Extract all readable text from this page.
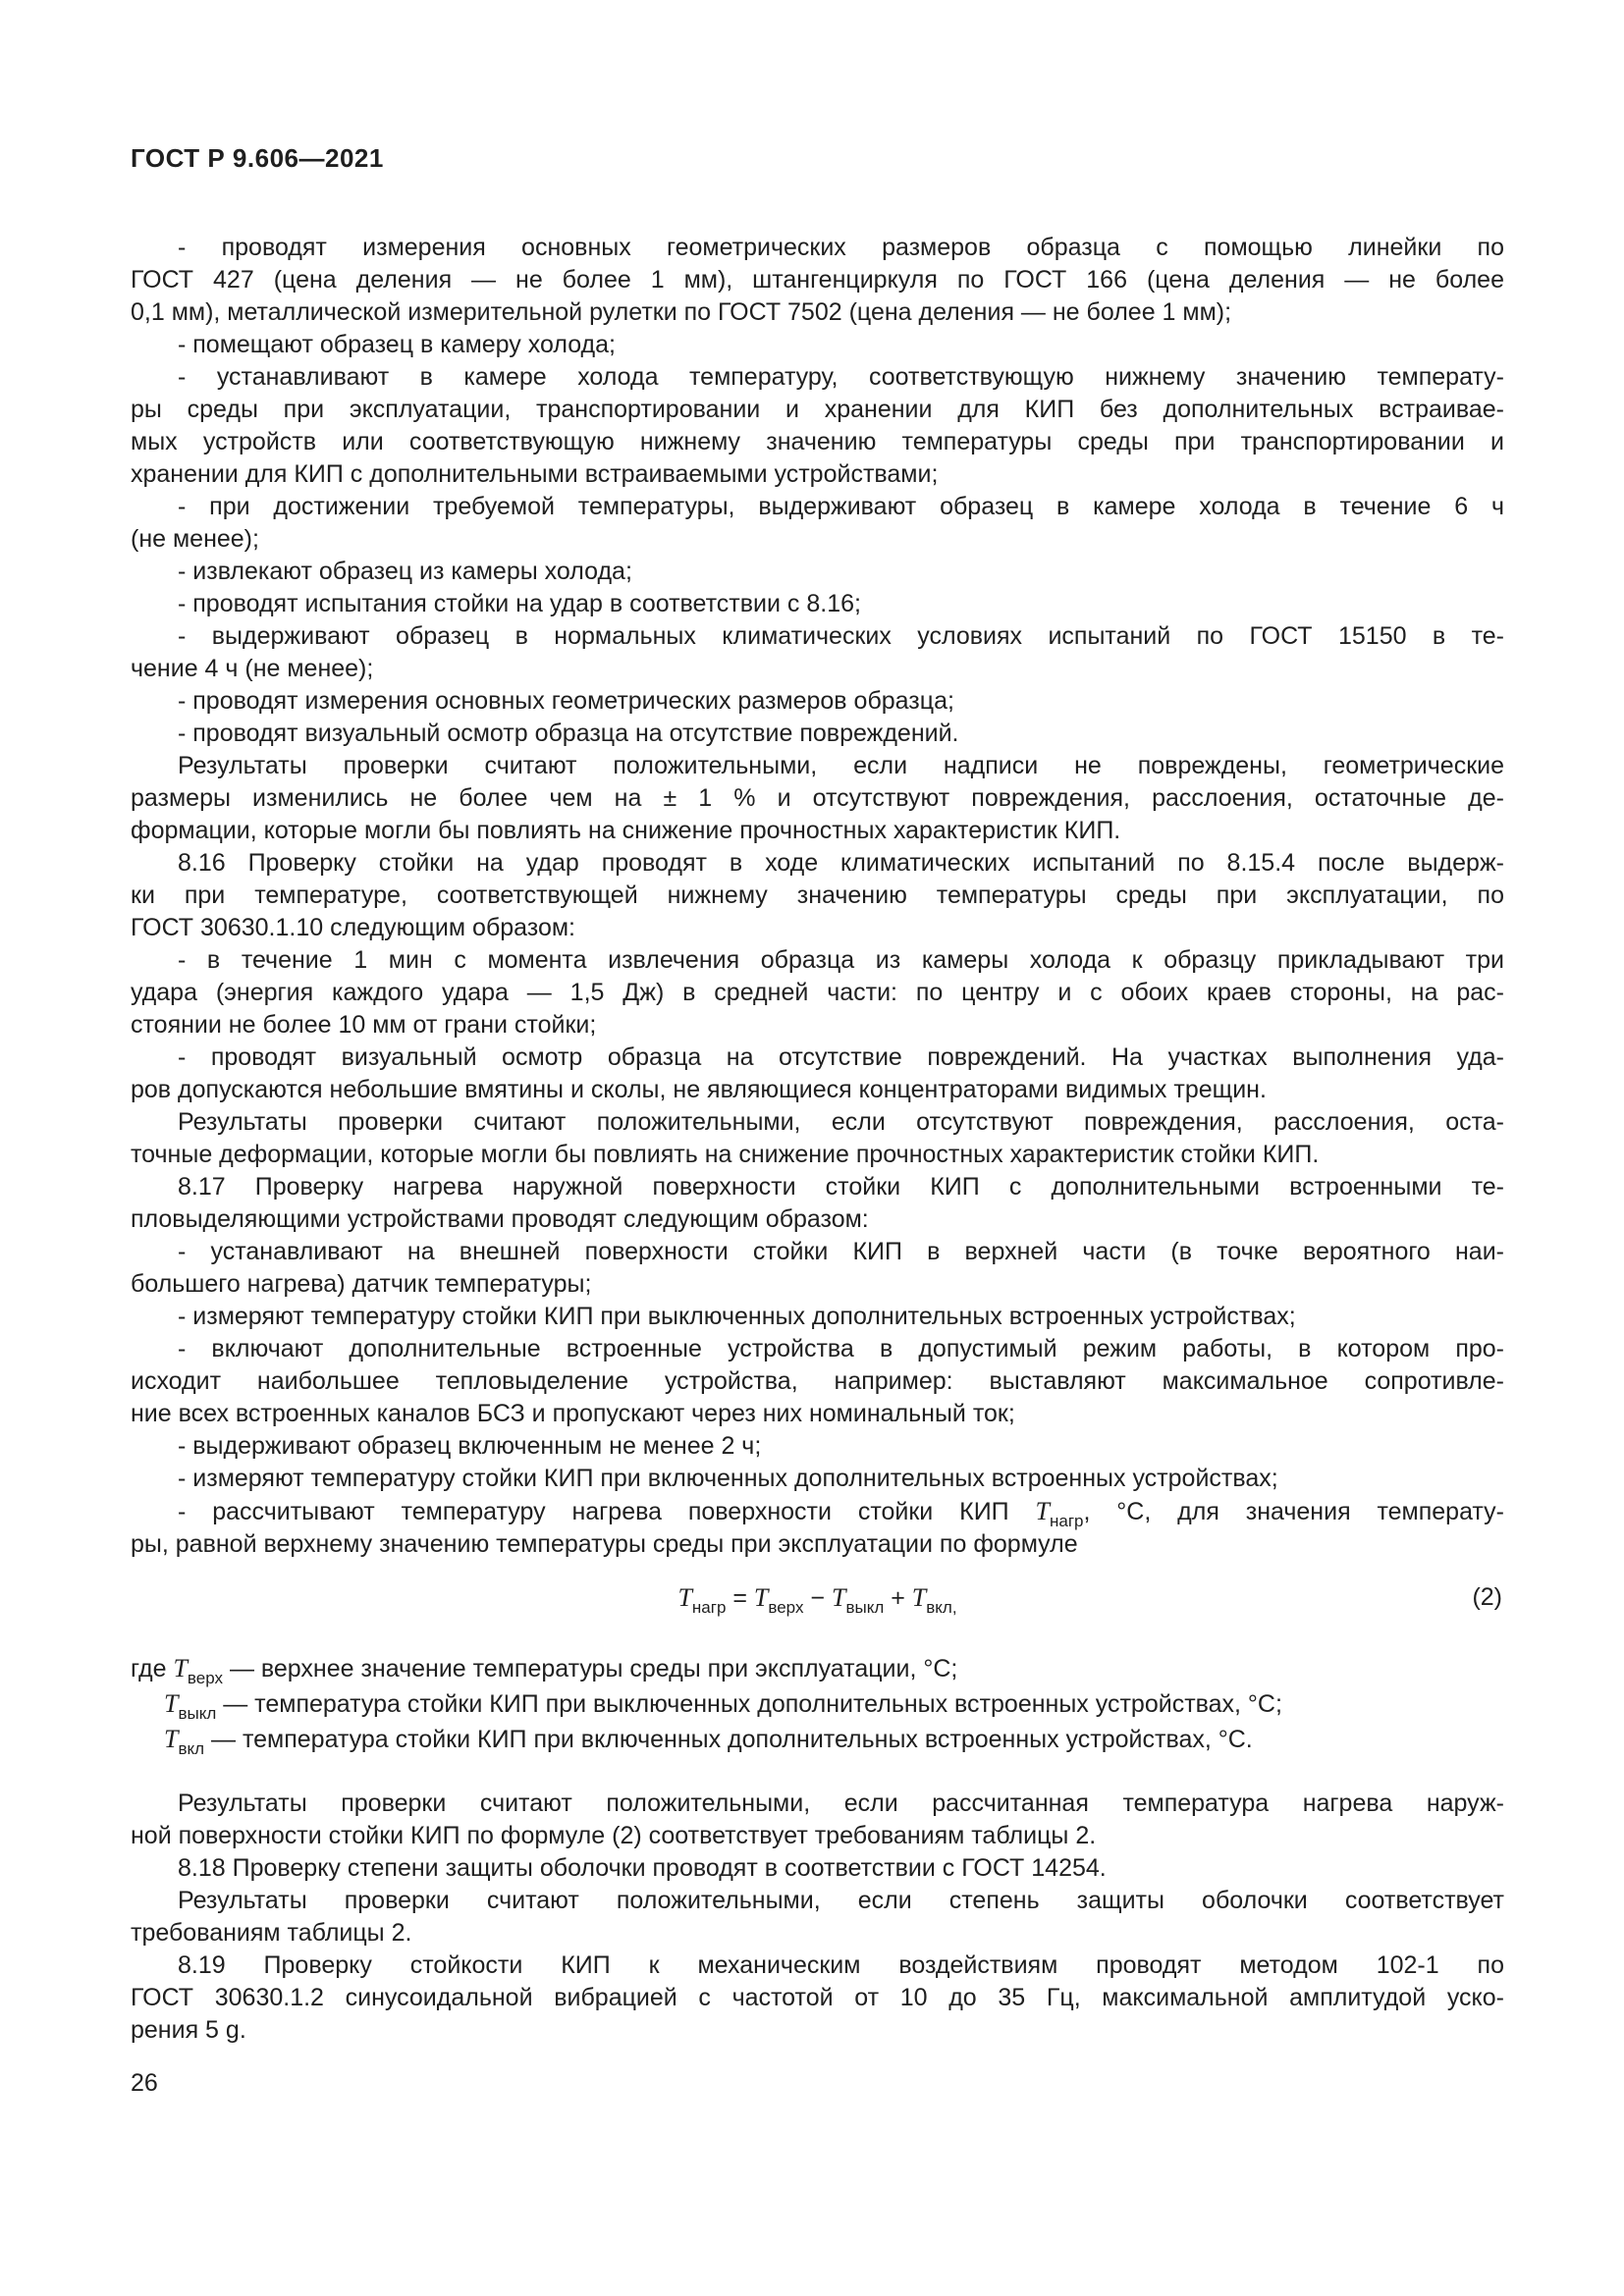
ГОСТ Р 9.606—2021
- проводят измерения основных геометрических размеров образца с помощью линейки по
ГОСТ 427 (цена деления — не более 1 мм), штангенциркуля по ГОСТ 166 (цена деления — не более
0,1 мм), металлической измерительной рулетки по ГОСТ 7502 (цена деления — не более 1 мм);
- помещают образец в камеру холода;
- устанавливают в камере холода температуру, соответствующую нижнему значению температу-
ры среды при эксплуатации, транспортировании и хранении для КИП без дополнительных встраивае-
мых устройств или соответствующую нижнему значению температуры среды при транспортировании и
хранении для КИП с дополнительными встраиваемыми устройствами;
- при достижении требуемой температуры, выдерживают образец в камере холода в течение 6 ч
(не менее);
- извлекают образец из камеры холода;
- проводят испытания стойки на удар в соответствии с 8.16;
- выдерживают образец в нормальных климатических условиях испытаний по ГОСТ 15150 в те-
чение 4 ч (не менее);
- проводят измерения основных геометрических размеров образца;
- проводят визуальный осмотр образца на отсутствие повреждений.
Результаты проверки считают положительными, если надписи не повреждены, геометрические
размеры изменились не более чем на ± 1 % и отсутствуют повреждения, расслоения, остаточные де-
формации, которые могли бы повлиять на снижение прочностных характеристик КИП.
8.16 Проверку стойки на удар проводят в ходе климатических испытаний по 8.15.4 после выдерж-
ки при температуре, соответствующей нижнему значению температуры среды при эксплуатации, по
ГОСТ 30630.1.10 следующим образом:
- в течение 1 мин с момента извлечения образца из камеры холода к образцу прикладывают три
удара (энергия каждого удара — 1,5 Дж) в средней части: по центру и с обоих краев стороны, на рас-
стоянии не более 10 мм от грани стойки;
- проводят визуальный осмотр образца на отсутствие повреждений. На участках выполнения уда-
ров допускаются небольшие вмятины и сколы, не являющиеся концентраторами видимых трещин.
Результаты проверки считают положительными, если отсутствуют повреждения, расслоения, оста-
точные деформации, которые могли бы повлиять на снижение прочностных характеристик стойки КИП.
8.17 Проверку нагрева наружной поверхности стойки КИП с дополнительными встроенными те-
пловыделяющими устройствами проводят следующим образом:
- устанавливают на внешней поверхности стойки КИП в верхней части (в точке вероятного наи-
большего нагрева) датчик температуры;
- измеряют температуру стойки КИП при выключенных дополнительных встроенных устройствах;
- включают дополнительные встроенные устройства в допустимый режим работы, в котором про-
исходит наибольшее тепловыделение устройства, например: выставляют максимальное сопротивле-
ние всех встроенных каналов БСЗ и пропускают через них номинальный ток;
- выдерживают образец включенным не менее 2 ч;
- измеряют температуру стойки КИП при включенных дополнительных встроенных устройствах;
- рассчитывают температуру нагрева поверхности стойки КИП $T_{нагр}$, °С, для значения температу-
ры, равной верхнему значению температуры среды при эксплуатации по формуле
$T_{нагр} = T_{верх} - T_{выкл} + T_{вкл,}$	(2)
где $T_{верх}$ — верхнее значение температуры среды при эксплуатации, °С;
$T_{выкл}$ — температура стойки КИП при выключенных дополнительных встроенных устройствах, °С;
$T_{вкл}$ — температура стойки КИП при включенных дополнительных встроенных устройствах, °С.
Результаты проверки считают положительными, если рассчитанная температура нагрева наруж-
ной поверхности стойки КИП по формуле (2) соответствует требованиям таблицы 2.
8.18 Проверку степени защиты оболочки проводят в соответствии с ГОСТ 14254.
Результаты проверки считают положительными, если степень защиты оболочки соответствует
требованиям таблицы 2.
8.19 Проверку стойкости КИП к механическим воздействиям проводят методом 102-1 по
ГОСТ 30630.1.2 синусоидальной вибрацией с частотой от 10 до 35 Гц, максимальной амплитудой уско-
рения 5 g.
26
